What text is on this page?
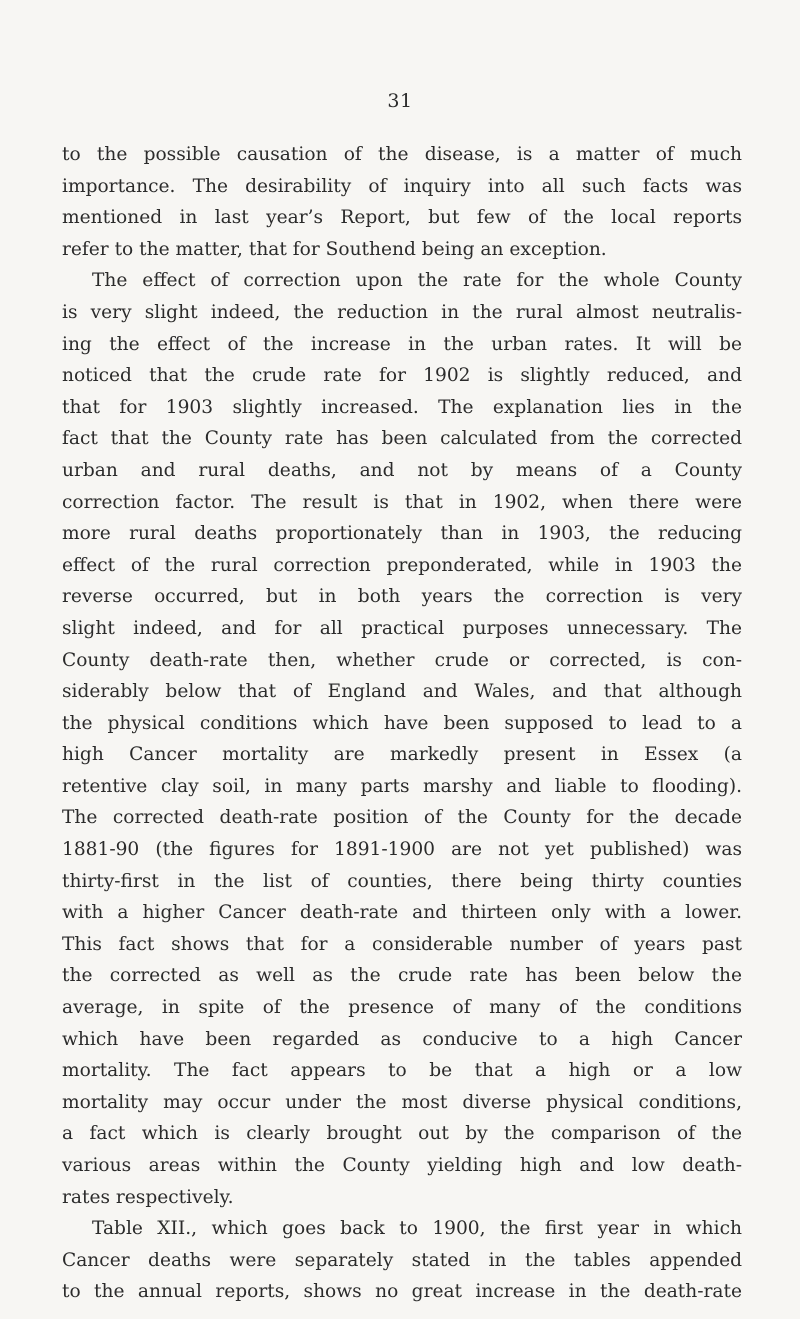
31
to the possible causation of the disease, is a matter of much
importance. The desirability of inquiry into all such facts was
mentioned in last year’s Report, but few of the local reports
refer to the matter, that for Southend being an exception.
The effect of correction upon the rate for the whole County
is very slight indeed, the reduction in the rural almost neutralis-
ing the effect of the increase in the urban rates. It will be
noticed that the crude rate for 1902 is slightly reduced, and
that for 1903 slightly increased. The explanation lies in the
fact that the County rate has been calculated from the corrected
urban and rural deaths, and not by means of a County
correction factor. The result is that in 1902, when there were
more rural deaths proportionately than in 1903, the reducing
effect of the rural correction preponderated, while in 1903 the
reverse occurred, but in both years the correction is very
slight indeed, and for all practical purposes unnecessary. The
County death-rate then, whether crude or corrected, is con-
siderably below that of England and Wales, and that although
the physical conditions which have been supposed to lead to a
high Cancer mortality are markedly present in Essex (a
retentive clay soil, in many parts marshy and liable to flooding).
The corrected death-rate position of the County for the decade
1881-90 (the figures for 1891-1900 are not yet published) was
thirty-first in the list of counties, there being thirty counties
with a higher Cancer death-rate and thirteen only with a lower.
This fact shows that for a considerable number of years past
the corrected as well as the crude rate has been below the
average, in spite of the presence of many of the conditions
which have been regarded as conducive to a high Cancer
mortality. The fact appears to be that a high or a low
mortality may occur under the most diverse physical conditions,
a fact which is clearly brought out by the comparison of the
various areas within the County yielding high and low death-
rates respectively.
Table XII., which goes back to 1900, the first year in which
Cancer deaths were separately stated in the tables appended
to the annual reports, shows no great increase in the death-rate
